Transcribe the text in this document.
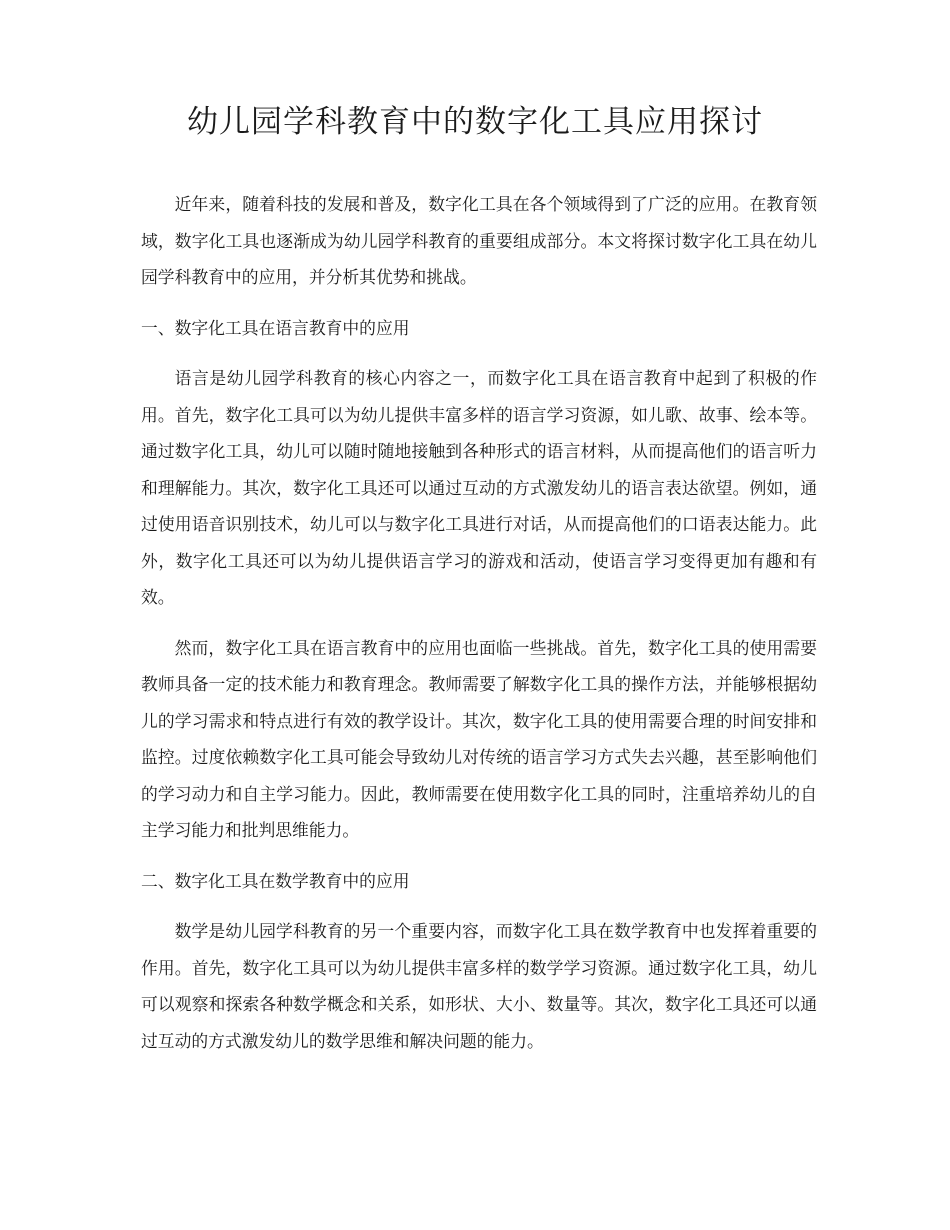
幼儿园学科教育中的数字化工具应用探讨

近年来，随着科技的发展和普及，数字化工具在各个领域得到了广泛的应用。在教育领域，数字化工具也逐渐成为幼儿园学科教育的重要组成部分。本文将探讨数字化工具在幼儿园学科教育中的应用，并分析其优势和挑战。

一、数字化工具在语言教育中的应用

语言是幼儿园学科教育的核心内容之一，而数字化工具在语言教育中起到了积极的作用。首先，数字化工具可以为幼儿提供丰富多样的语言学习资源，如儿歌、故事、绘本等。通过数字化工具，幼儿可以随时随地接触到各种形式的语言材料，从而提高他们的语言听力和理解能力。其次，数字化工具还可以通过互动的方式激发幼儿的语言表达欲望。例如，通过使用语音识别技术，幼儿可以与数字化工具进行对话，从而提高他们的口语表达能力。此外，数字化工具还可以为幼儿提供语言学习的游戏和活动，使语言学习变得更加有趣和有效。

然而，数字化工具在语言教育中的应用也面临一些挑战。首先，数字化工具的使用需要教师具备一定的技术能力和教育理念。教师需要了解数字化工具的操作方法，并能够根据幼儿的学习需求和特点进行有效的教学设计。其次，数字化工具的使用需要合理的时间安排和监控。过度依赖数字化工具可能会导致幼儿对传统的语言学习方式失去兴趣，甚至影响他们的学习动力和自主学习能力。因此，教师需要在使用数字化工具的同时，注重培养幼儿的自主学习能力和批判思维能力。

二、数字化工具在数学教育中的应用

数学是幼儿园学科教育的另一个重要内容，而数字化工具在数学教育中也发挥着重要的作用。首先，数字化工具可以为幼儿提供丰富多样的数学学习资源。通过数字化工具，幼儿可以观察和探索各种数学概念和关系，如形状、大小、数量等。其次，数字化工具还可以通过互动的方式激发幼儿的数学思维和解决问题的能力。
